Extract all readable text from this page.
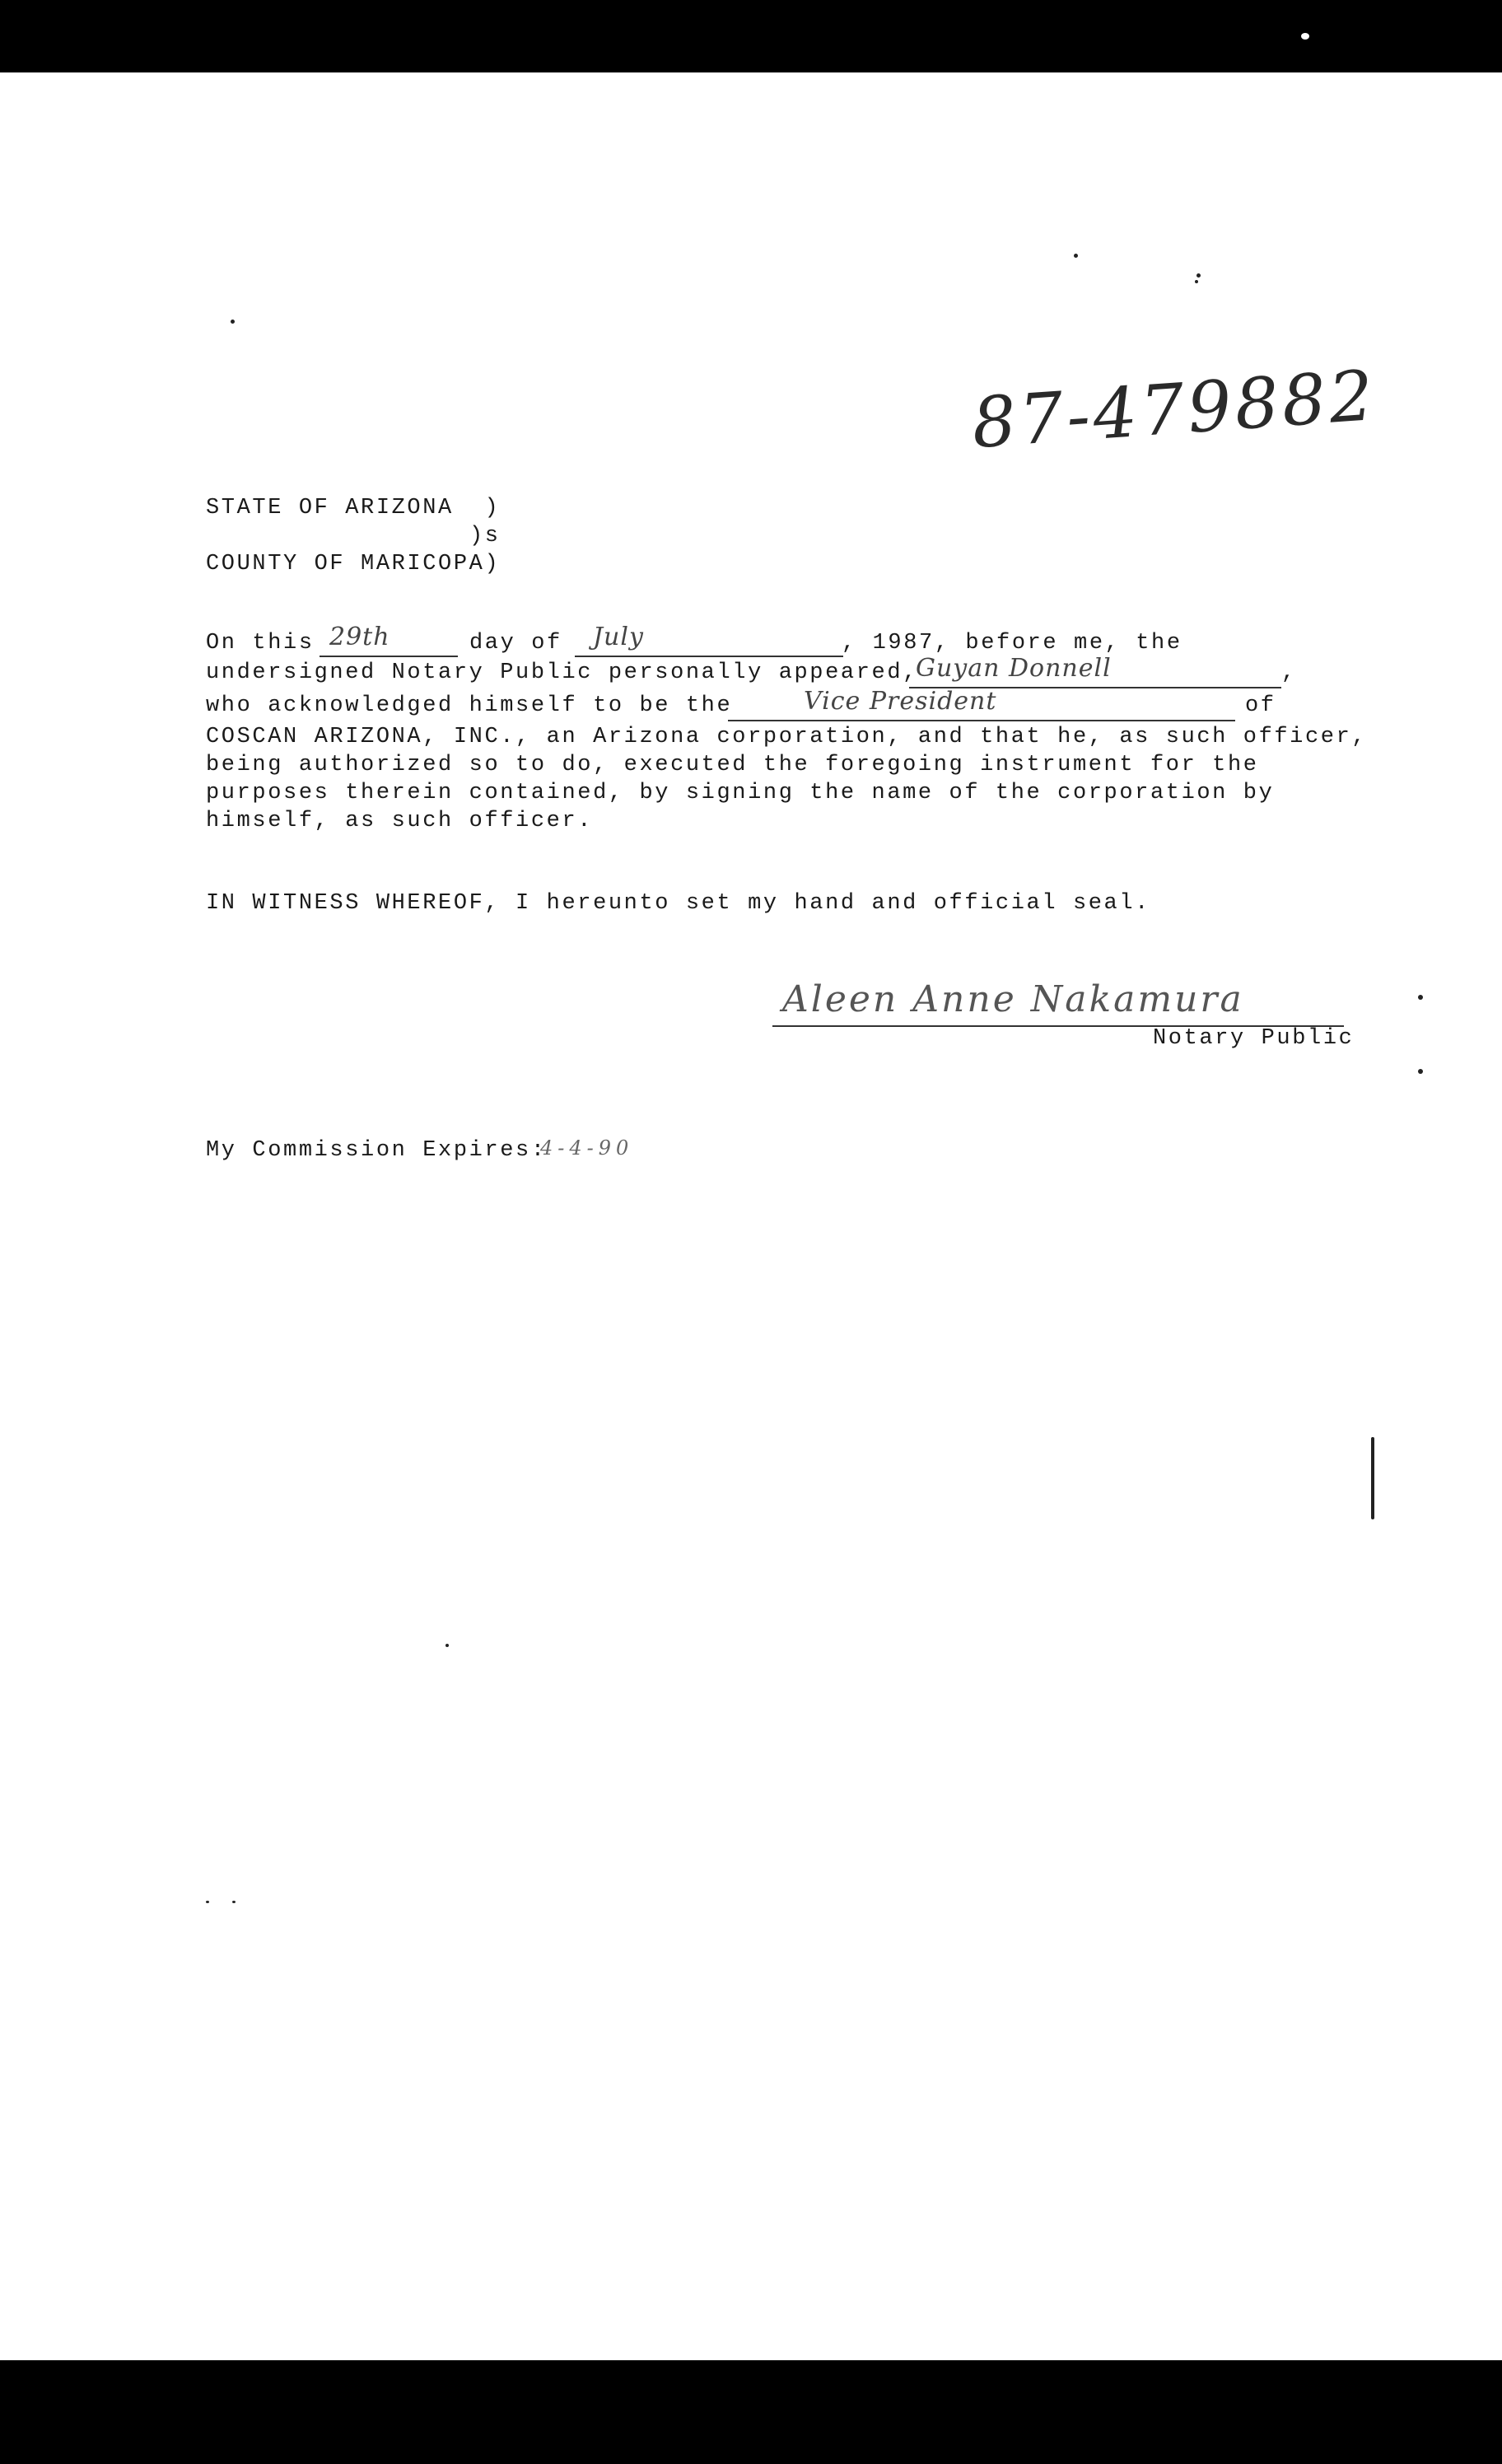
87-479882
STATE OF ARIZONA  )
)s
COUNTY OF MARICOPA)
On this 29th	day of July	, 1987, before me, the
undersigned Notary Public personally appeared,
Guyan Donnell	,
who acknowledged himself to be the	Vice President	of
COSCAN ARIZONA, INC., an Arizona corporation, and that he, as such officer,
being authorized so to do, executed the foregoing instrument for the
purposes therein contained, by signing the name of the corporation by
himself, as such officer.
IN WITNESS WHEREOF, I hereunto set my hand and official seal.
Aleen Anne Nakamura
Notary Public
My Commission Expires:
4-4-90
